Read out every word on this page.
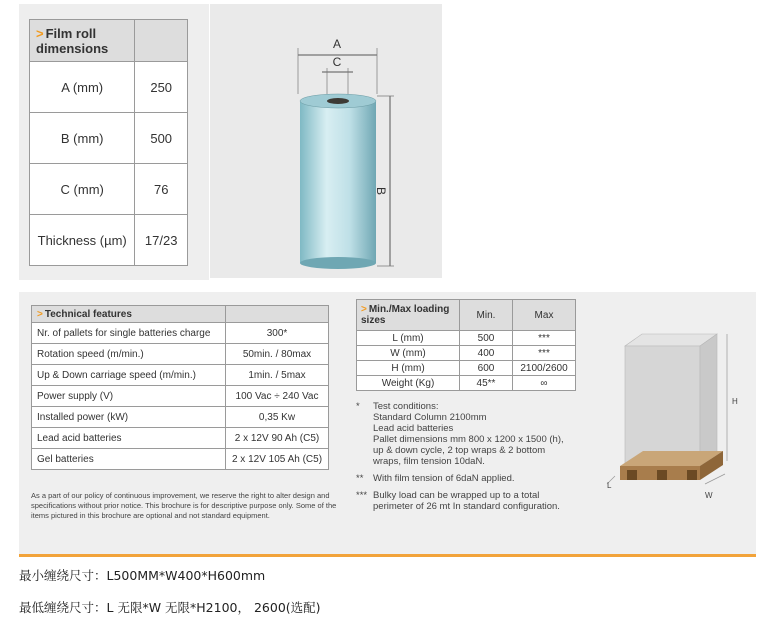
> Film roll dimensions	
A (mm)	250
B (mm)	500
C (mm)	76
Thickness (µm)	17/23
A
C
B
> Technical features	
Nr. of pallets for single batteries charge	300*
Rotation speed (m/min.)	50min. / 80max
Up & Down carriage speed (m/min.)	1min. / 5max
Power supply (V)	100 Vac ÷ 240 Vac
Installed power (kW)	0,35 Kw
Lead acid batteries	2 x 12V 90 Ah (C5)
Gel batteries	2 x 12V 105 Ah (C5)
As a part of our policy of continuous improvement, we reserve the right to alter design and specifications without prior notice. This brochure is for descriptive purpose only. Some of the items pictured in this brochure are optional and not standard equipment.
> Min./Max loading sizes	Min.	Max
L (mm)	500	***
W (mm)	400	***
H (mm)	600	2100/2600
Weight (Kg)	45**	∞
*	Test conditions:
Standard Column 2100mm
Lead acid batteries
Pallet dimensions mm 800 x 1200 x 1500 (h),
up & down cycle, 2 top wraps & 2 bottom
wraps, film tension 10daN.
**	With film tension of 6daN applied.
*** Bulky load can be wrapped up to a total
perimeter of 26 mt In standard configuration.
H
L
W
最小缠绕尺寸：L500MM*W400*H600mm
最低缠绕尺寸：L 无限*W 无限*H2100， 2600(选配)
